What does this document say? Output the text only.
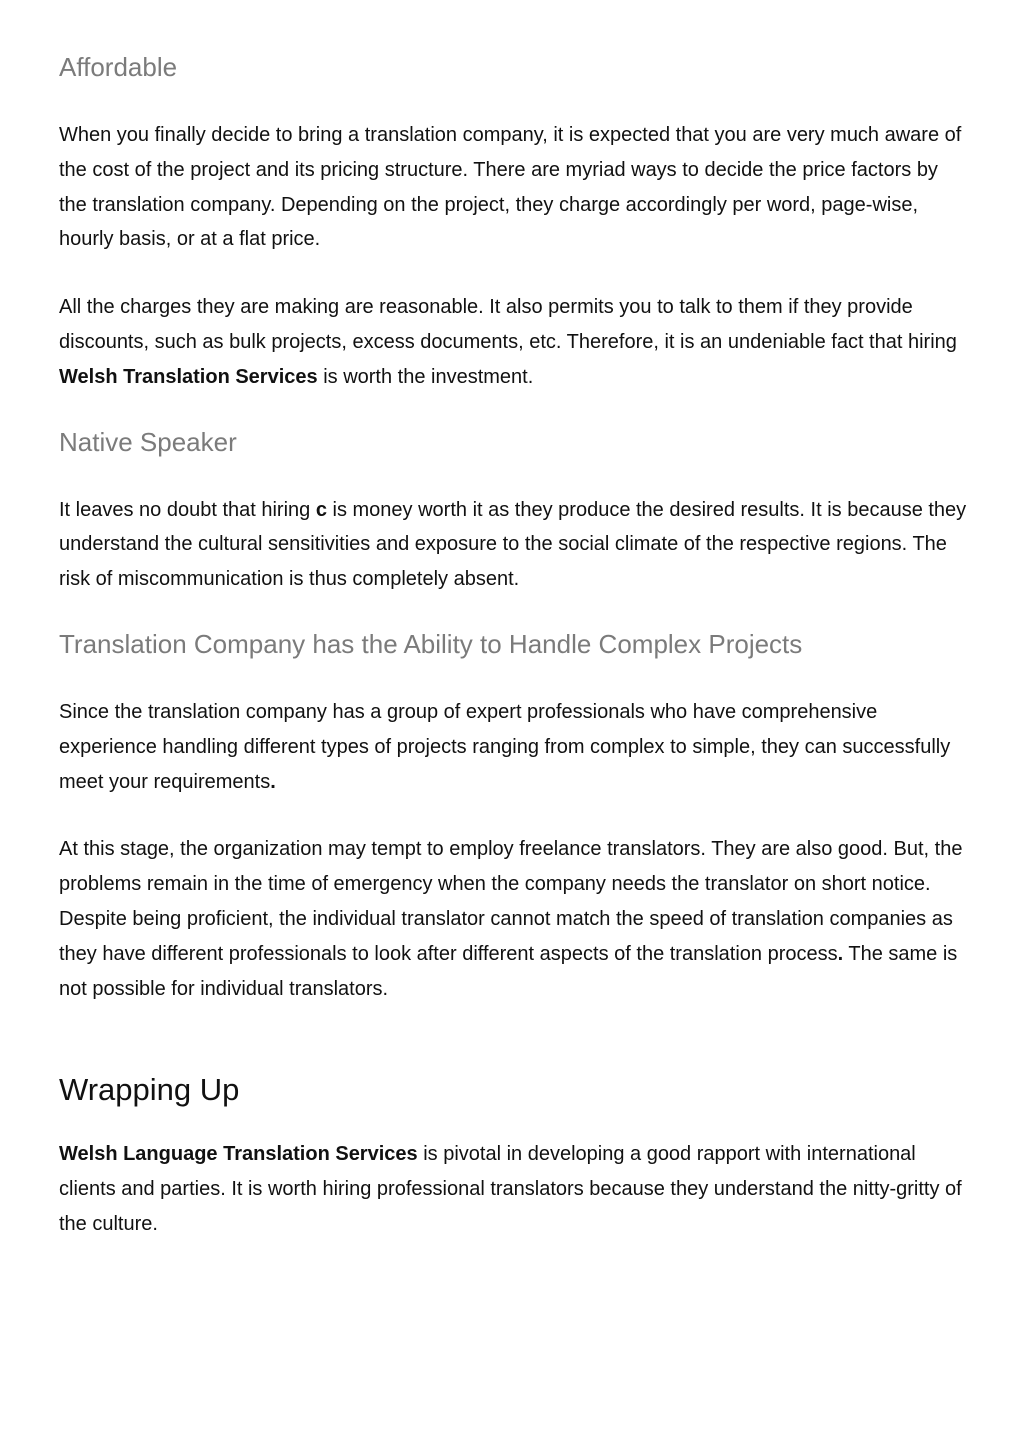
Affordable

When you finally decide to bring a translation company, it is expected that you are very much aware of the cost of the project and its pricing structure. There are myriad ways to decide the price factors by the translation company. Depending on the project, they charge accordingly per word, page-wise, hourly basis, or at a flat price.

All the charges they are making are reasonable. It also permits you to talk to them if they provide discounts, such as bulk projects, excess documents, etc. Therefore, it is an undeniable fact that hiring Welsh Translation Services is worth the investment.

Native Speaker

It leaves no doubt that hiring c is money worth it as they produce the desired results. It is because they understand the cultural sensitivities and exposure to the social climate of the respective regions. The risk of miscommunication is thus completely absent.

Translation Company has the Ability to Handle Complex Projects

Since the translation company has a group of expert professionals who have comprehensive experience handling different types of projects ranging from complex to simple, they can successfully meet your requirements.

At this stage, the organization may tempt to employ freelance translators. They are also good. But, the problems remain in the time of emergency when the company needs the translator on short notice.

Despite being proficient, the individual translator cannot match the speed of translation companies as they have different professionals to look after different aspects of the translation process. The same is not possible for individual translators.

Wrapping Up

Welsh Language Translation Services is pivotal in developing a good rapport with international clients and parties. It is worth hiring professional translators because they understand the nitty-gritty of the culture.
